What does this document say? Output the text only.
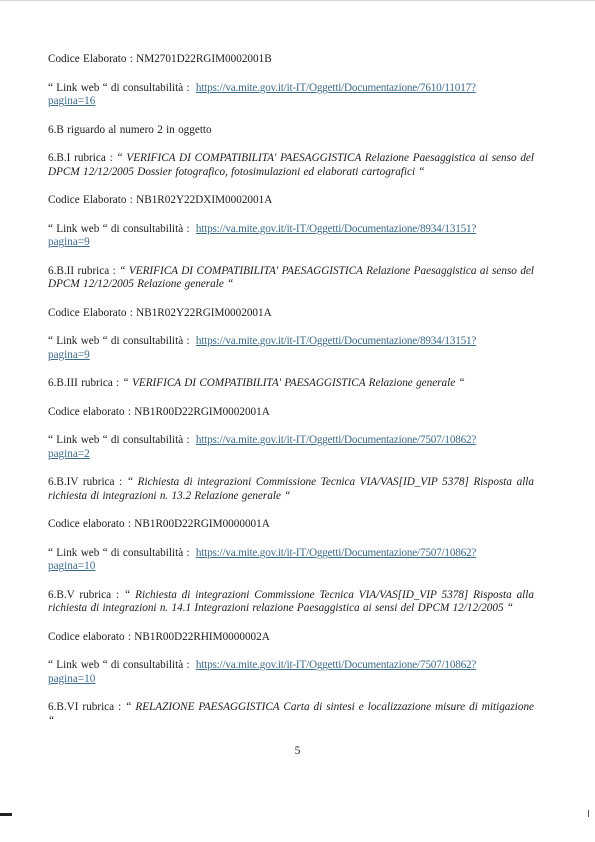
Codice Elaborato : NM2701D22RGIM0002001B

“ Link web “ di consultabilità : https://va.mite.gov.it/it-IT/Oggetti/Documentazione/7610/11017?
pagina=16

6.B riguardo al numero 2 in oggetto

6.B.I rubrica : “ VERIFICA DI COMPATIBILITA' PAESAGGISTICA Relazione Paesaggistica ai senso del DPCM 12/12/2005 Dossier fotografico, fotosimulazioni ed elaborati cartografici “

Codice Elaborato : NB1R02Y22DXIM0002001A

“ Link web “ di consultabilità : https://va.mite.gov.it/it-IT/Oggetti/Documentazione/8934/13151?
pagina=9

6.B.II rubrica : “ VERIFICA DI COMPATIBILITA' PAESAGGISTICA Relazione Paesaggistica ai senso del DPCM 12/12/2005 Relazione generale “

Codice Elaborato : NB1R02Y22RGIM0002001A

“ Link web “ di consultabilità : https://va.mite.gov.it/it-IT/Oggetti/Documentazione/8934/13151?
pagina=9

6.B.III rubrica : “ VERIFICA DI COMPATIBILITA' PAESAGGISTICA Relazione generale “

Codice elaborato : NB1R00D22RGIM0002001A

“ Link web “ di consultabilità : https://va.mite.gov.it/it-IT/Oggetti/Documentazione/7507/10862?
pagina=2

6.B.IV rubrica : “ Richiesta di integrazioni Commissione Tecnica VIA/VAS[ID_VIP 5378] Risposta alla richiesta di integrazioni n. 13.2 Relazione generale “

Codice elaborato : NB1R00D22RGIM0000001A

“ Link web “ di consultabilità : https://va.mite.gov.it/it-IT/Oggetti/Documentazione/7507/10862?
pagina=10

6.B.V rubrica : “ Richiesta di integrazioni Commissione Tecnica VIA/VAS[ID_VIP 5378] Risposta alla richiesta di integrazioni n. 14.1 Integrazioni relazione Paesaggistica ai sensi del DPCM 12/12/2005 “

Codice elaborato : NB1R00D22RHIM0000002A

“ Link web “ di consultabilità : https://va.mite.gov.it/it-IT/Oggetti/Documentazione/7507/10862?
pagina=10

6.B.VI rubrica : “ RELAZIONE PAESAGGISTICA Carta di sintesi e localizzazione misure di mitigazione “

5
